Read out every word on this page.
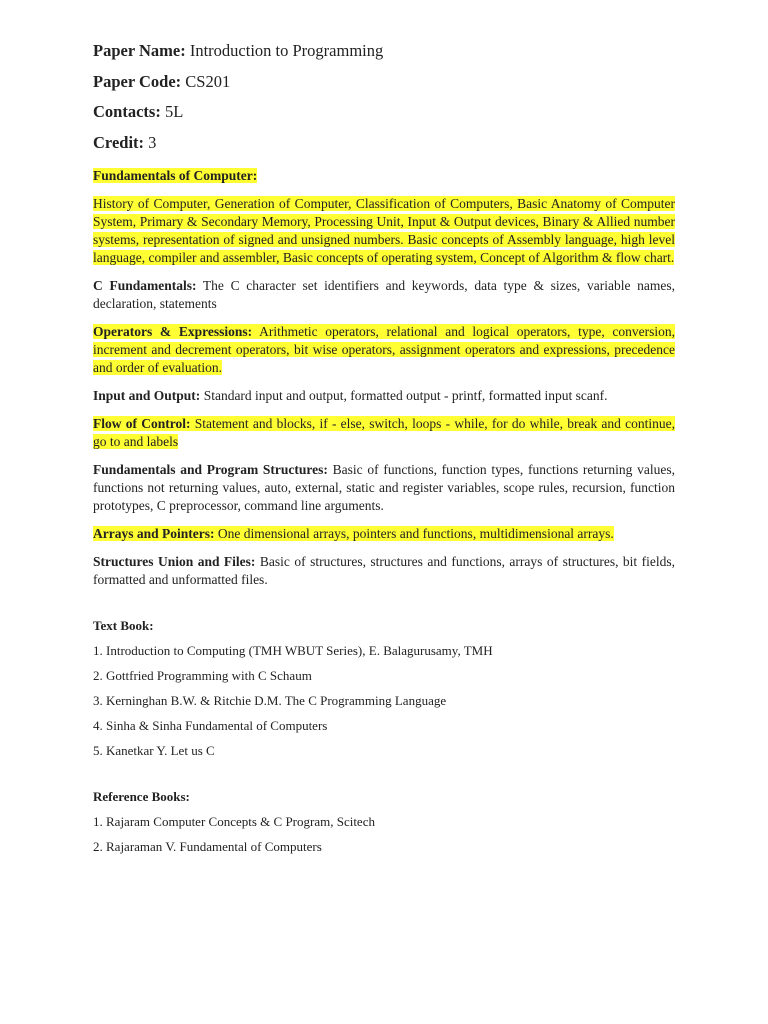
Paper Name: Introduction to Programming
Paper Code: CS201
Contacts: 5L
Credit: 3
Fundamentals of Computer:

History of Computer, Generation of Computer, Classification of Computers, Basic Anatomy of Computer System, Primary & Secondary Memory, Processing Unit, Input & Output devices, Binary & Allied number systems, representation of signed and unsigned numbers. Basic concepts of Assembly language, high level language, compiler and assembler, Basic concepts of operating system, Concept of Algorithm & flow chart.

C Fundamentals: The C character set identifiers and keywords, data type & sizes, variable names, declaration, statements

Operators & Expressions: Arithmetic operators, relational and logical operators, type, conversion, increment and decrement operators, bit wise operators, assignment operators and expressions, precedence and order of evaluation.

Input and Output: Standard input and output, formatted output - printf, formatted input scanf.

Flow of Control: Statement and blocks, if - else, switch, loops - while, for do while, break and continue, go to and labels

Fundamentals and Program Structures: Basic of functions, function types, functions returning values, functions not returning values, auto, external, static and register variables, scope rules, recursion, function prototypes, C preprocessor, command line arguments.

Arrays and Pointers: One dimensional arrays, pointers and functions, multidimensional arrays.

Structures Union and Files: Basic of structures, structures and functions, arrays of structures, bit fields, formatted and unformatted files.

Text Book:
1. Introduction to Computing (TMH WBUT Series), E. Balagurusamy, TMH
2. Gottfried Programming with C Schaum
3. Kerninghan B.W. & Ritchie D.M. The C Programming Language
4. Sinha & Sinha Fundamental of Computers
5. Kanetkar Y. Let us C
Reference Books:
1. Rajaram Computer Concepts & C Program, Scitech
2. Rajaraman V. Fundamental of Computers
